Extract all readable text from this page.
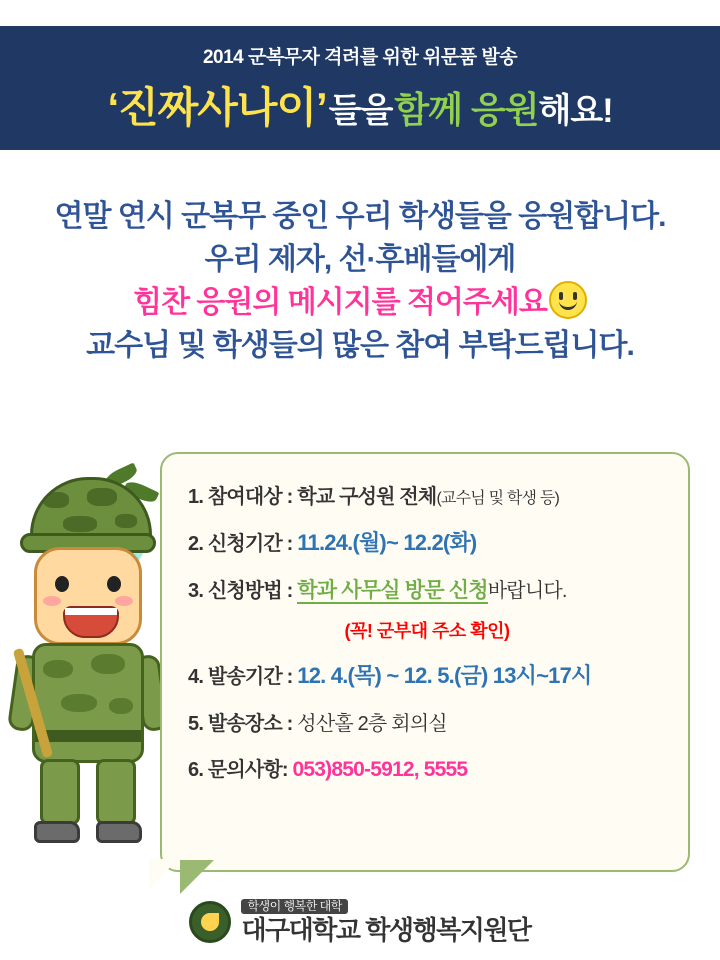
2014 군복무자 격려를 위한 위문품 발송
‘진짜사나이’ 들을 함께 응원 해요!
연말 연시 군복무 중인 우리 학생들을 응원합니다.
우리 제자, 선·후배들에게
힘찬 응원의 메시지를 적어주세요
교수님 및 학생들의 많은 참여 부탁드립니다.
1. 참여대상 : 학교 구성원 전체(교수님 및 학생 등)
2. 신청기간 : 11.24.(월)~ 12.2(화)
3. 신청방법 : 학과 사무실 방문 신청바랍니다.
(꼭! 군부대 주소 확인)
4. 발송기간 : 12. 4.(목) ~ 12. 5.(금) 13시~17시
5. 발송장소 : 성산홀 2층 회의실
6. 문의사항: 053)850-5912, 5555
학생이 행복한 대학
대구대학교 학생행복지원단
